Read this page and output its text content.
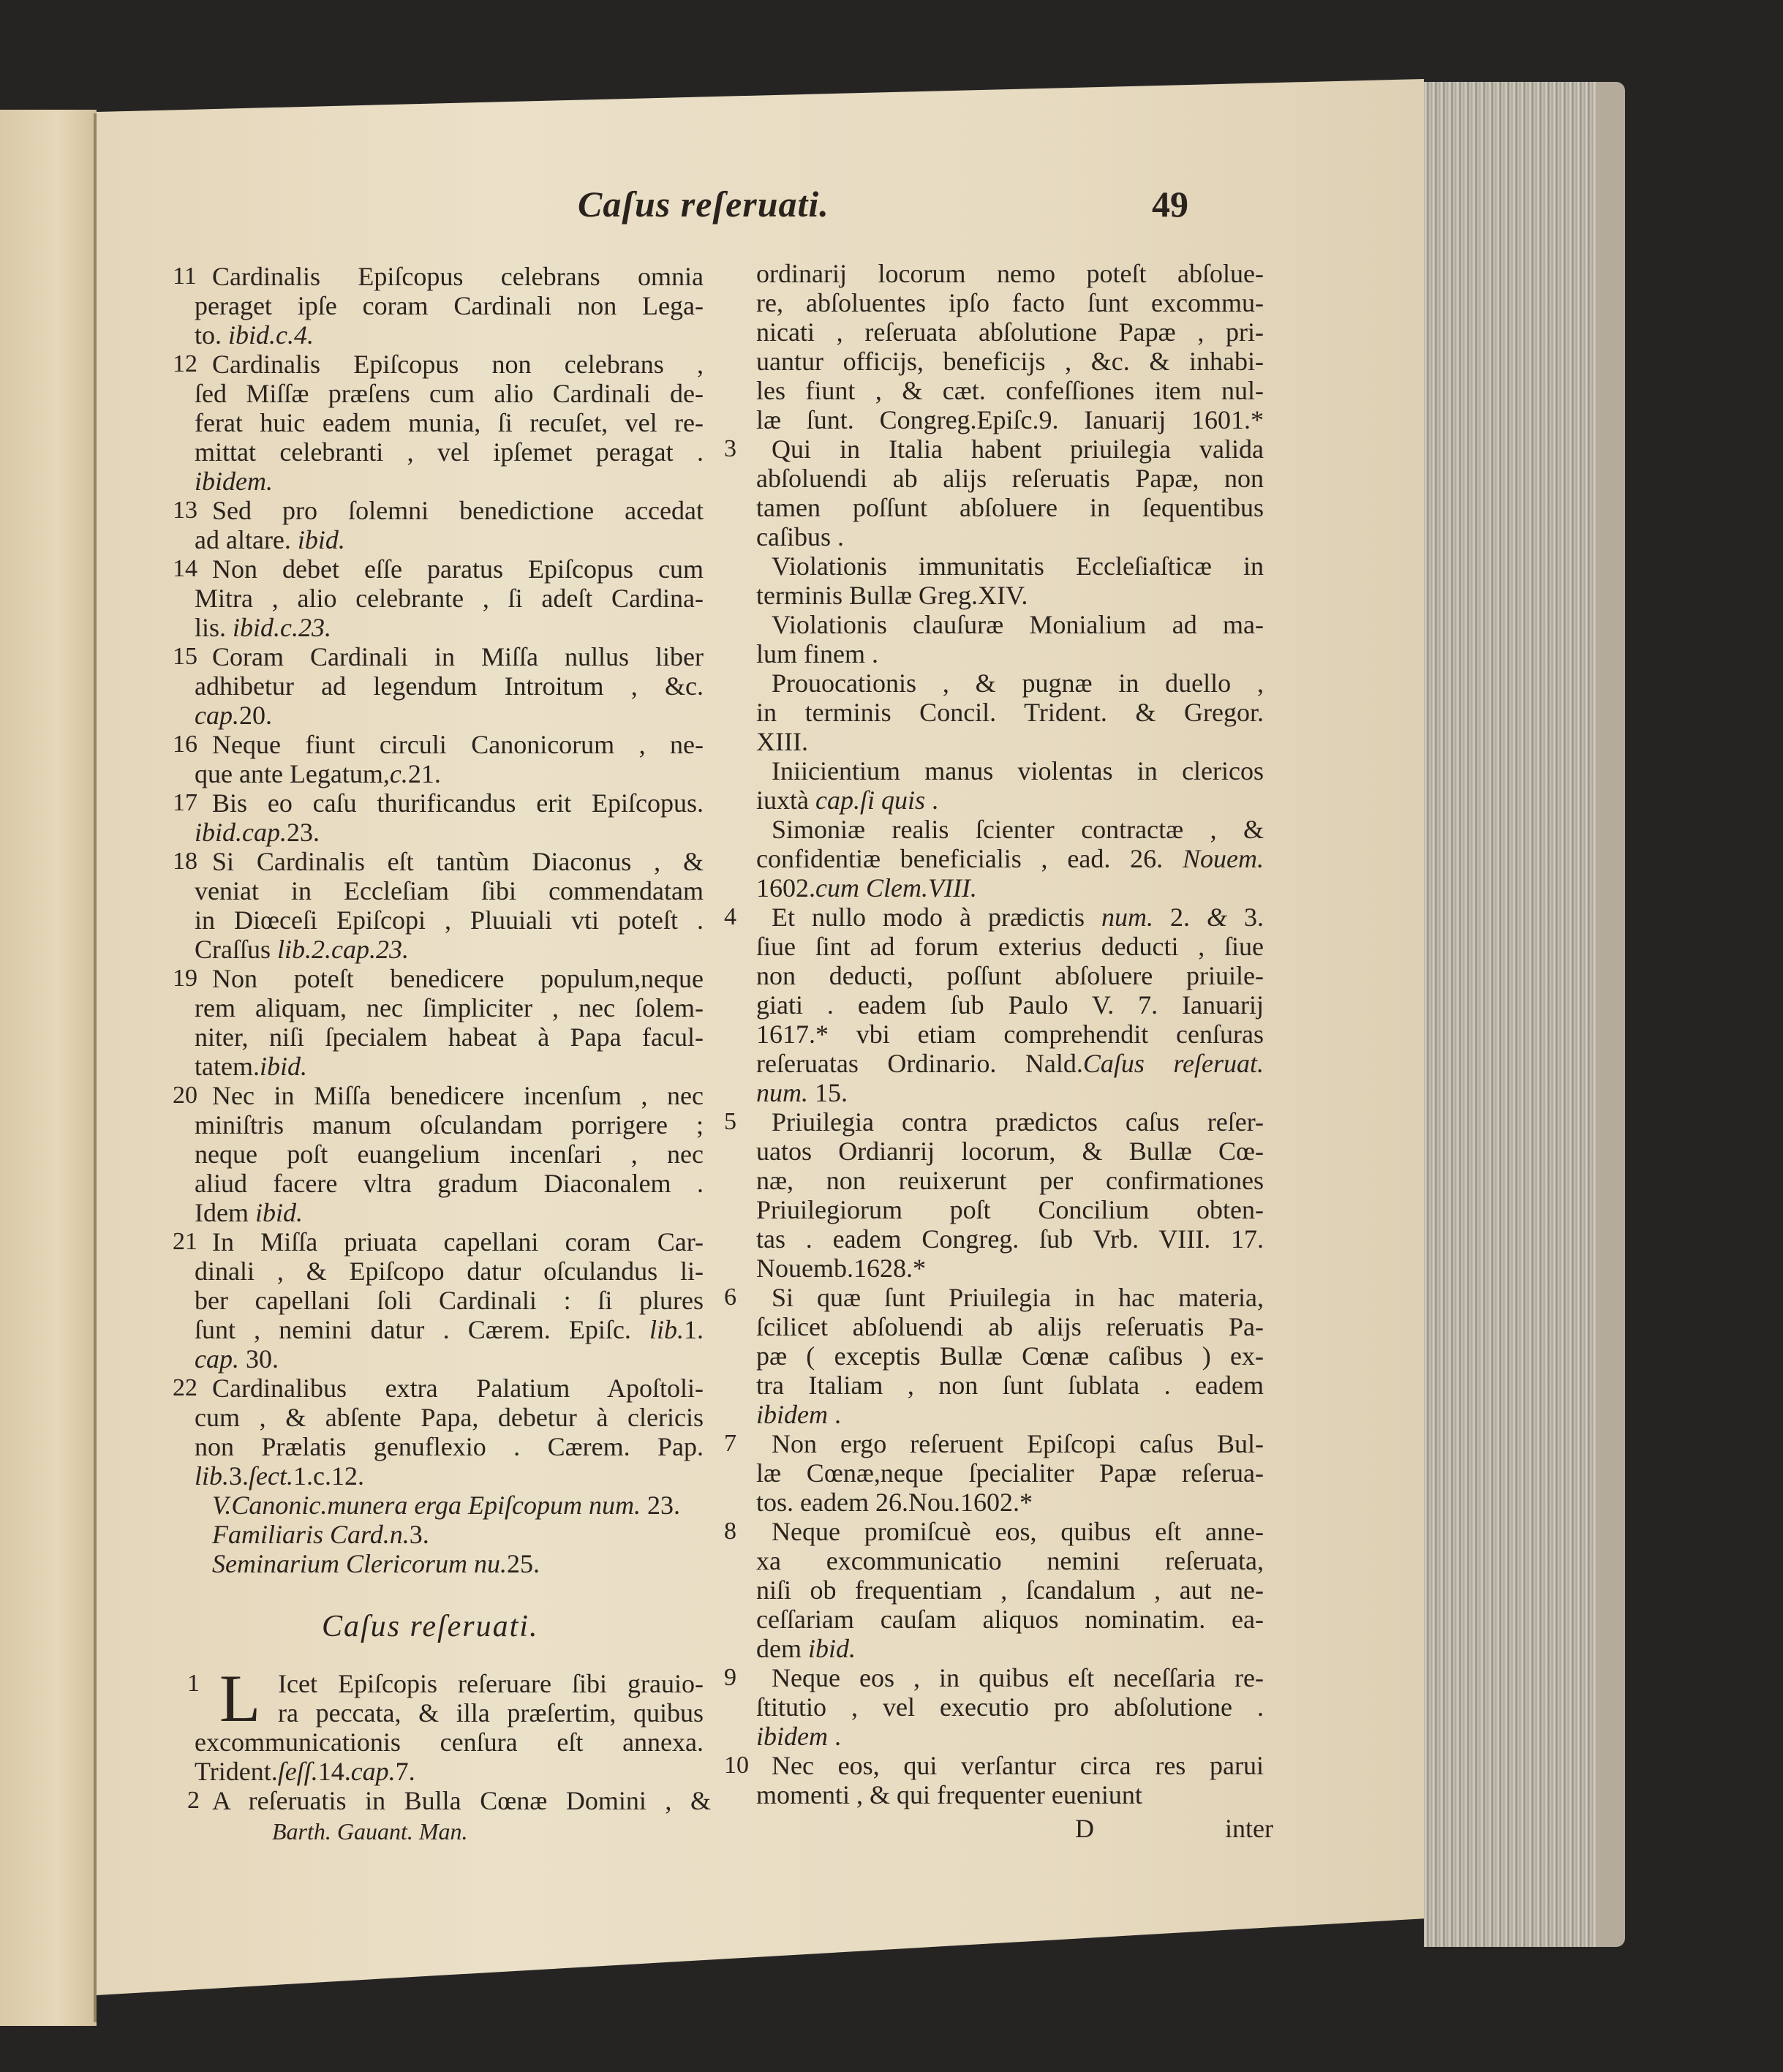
Caſus reſeruati.	49
11 Cardinalis Epiſcopus celebrans omnia
peraget ipſe coram Cardinali non Lega-
to. ibid.c.4.
12 Cardinalis Epiſcopus non celebrans ,
ſed Miſſæ præſens cum alio Cardinali de-
ferat huic eadem munia, ſi recuſet, vel re-
mittat celebranti , vel ipſemet peragat .
ibidem.
13 Sed pro ſolemni benedictione accedat
ad altare. ibid.
14 Non debet eſſe paratus Epiſcopus cum
Mitra , alio celebrante , ſi adeſt Cardina-
lis. ibid.c.23.
15 Coram Cardinali in Miſſa nullus liber
adhibetur ad legendum Introitum , &c.
cap.20.
16 Neque fiunt circuli Canonicorum , ne-
que ante Legatum,c.21.
17 Bis eo caſu thurificandus erit Epiſcopus.
ibid.cap.23.
18 Si Cardinalis eſt tantùm Diaconus , &
veniat in Eccleſiam ſibi commendatam
in Diœceſi Epiſcopi , Pluuiali vti poteſt .
Craſſus lib.2.cap.23.
19 Non poteſt benedicere populum,neque
rem aliquam, nec ſimpliciter , nec ſolem-
niter, niſi ſpecialem habeat à Papa facul-
tatem.ibid.
20 Nec in Miſſa benedicere incenſum , nec
miniſtris manum oſculandam porrigere ;
neque poſt euangelium incenſari , nec
aliud facere vltra gradum Diaconalem .
Idem ibid.
21 In Miſſa priuata capellani coram Car-
dinali , & Epiſcopo datur oſculandus li-
ber capellani ſoli Cardinali : ſi plures
ſunt , nemini datur . Cærem. Epiſc. lib.1.
cap. 30.
22 Cardinalibus extra Palatium Apoſtoli-
cum , & abſente Papa, debetur à clericis
non Prælatis genuflexio . Cærem. Pap.
lib.3.ſect.1.c.12.
V.Canonic.munera erga Epiſcopum num. 23.
Familiaris Card.n.3.
Seminarium Clericorum nu.25.
1	Icet Epiſcopis reſeruare ſibi grauio-
ra peccata, & illa præſertim, quibus
excommunicationis cenſura eſt annexa.
Trident.ſeſſ.14.cap.7.
2 A reſeruatis in Bulla Cœnæ Domini , &
Barth. Gauant. Man.
ordinarij locorum nemo poteſt abſolue-
re, abſoluentes ipſo facto ſunt excommu-
nicati , reſeruata abſolutione Papæ , pri-
uantur officijs, beneficijs , &c. & inhabi-
les fiunt , & cæt. confeſſiones item nul-
læ ſunt. Congreg.Epiſc.9. Ianuarij 1601.*
3 Qui in Italia habent priuilegia valida
abſoluendi ab alijs reſeruatis Papæ, non
tamen poſſunt abſoluere in ſequentibus
caſibus .
Violationis immunitatis Eccleſiaſticæ in
terminis Bullæ Greg.XIV.
Violationis clauſuræ Monialium ad ma-
lum finem .
Prouocationis , & pugnæ in duello ,
in terminis Concil. Trident. & Gregor.
XIII.
Iniicientium manus violentas in clericos
iuxtà cap.ſi quis .
Simoniæ realis ſcienter contractæ , &
confidentiæ beneficialis , ead. 26. Nouem.
1602.cum Clem.VIII.
4 Et nullo modo à prædictis num. 2. & 3.
ſiue ſint ad forum exterius deducti , ſiue
non deducti, poſſunt abſoluere priuile-
giati . eadem ſub Paulo V. 7. Ianuarij
1617.* vbi etiam comprehendit cenſuras
reſeruatas Ordinario. Nald.Caſus reſeruat.
num. 15.
5 Priuilegia contra prædictos caſus reſer-
uatos Ordianrij locorum, & Bullæ Cœ-
næ, non reuixerunt per confirmationes
Priuilegiorum poſt Concilium obten-
tas . eadem Congreg. ſub Vrb. VIII. 17.
Nouemb.1628.*
6 Si quæ ſunt Priuilegia in hac materia,
ſcilicet abſoluendi ab alijs reſeruatis Pa-
pæ ( exceptis Bullæ Cœnæ caſibus ) ex-
tra Italiam , non ſunt ſublata . eadem
ibidem .
7 Non ergo reſeruent Epiſcopi caſus Bul-
læ Cœnæ,neque ſpecialiter Papæ reſerua-
tos. eadem 26.Nou.1602.*
8 Neque promiſcuè eos, quibus eſt anne-
xa excommunicatio nemini reſeruata,
niſi ob frequentiam , ſcandalum , aut ne-
ceſſariam cauſam aliquos nominatim. ea-
dem ibid.
9 Neque eos , in quibus eſt neceſſaria re-
ſtitutio , vel executio pro abſolutione .
ibidem .
10 Nec eos, qui verſantur circa res parui
momenti , & qui frequenter eueniunt
Caſus reſeruati.
L
D	inter
